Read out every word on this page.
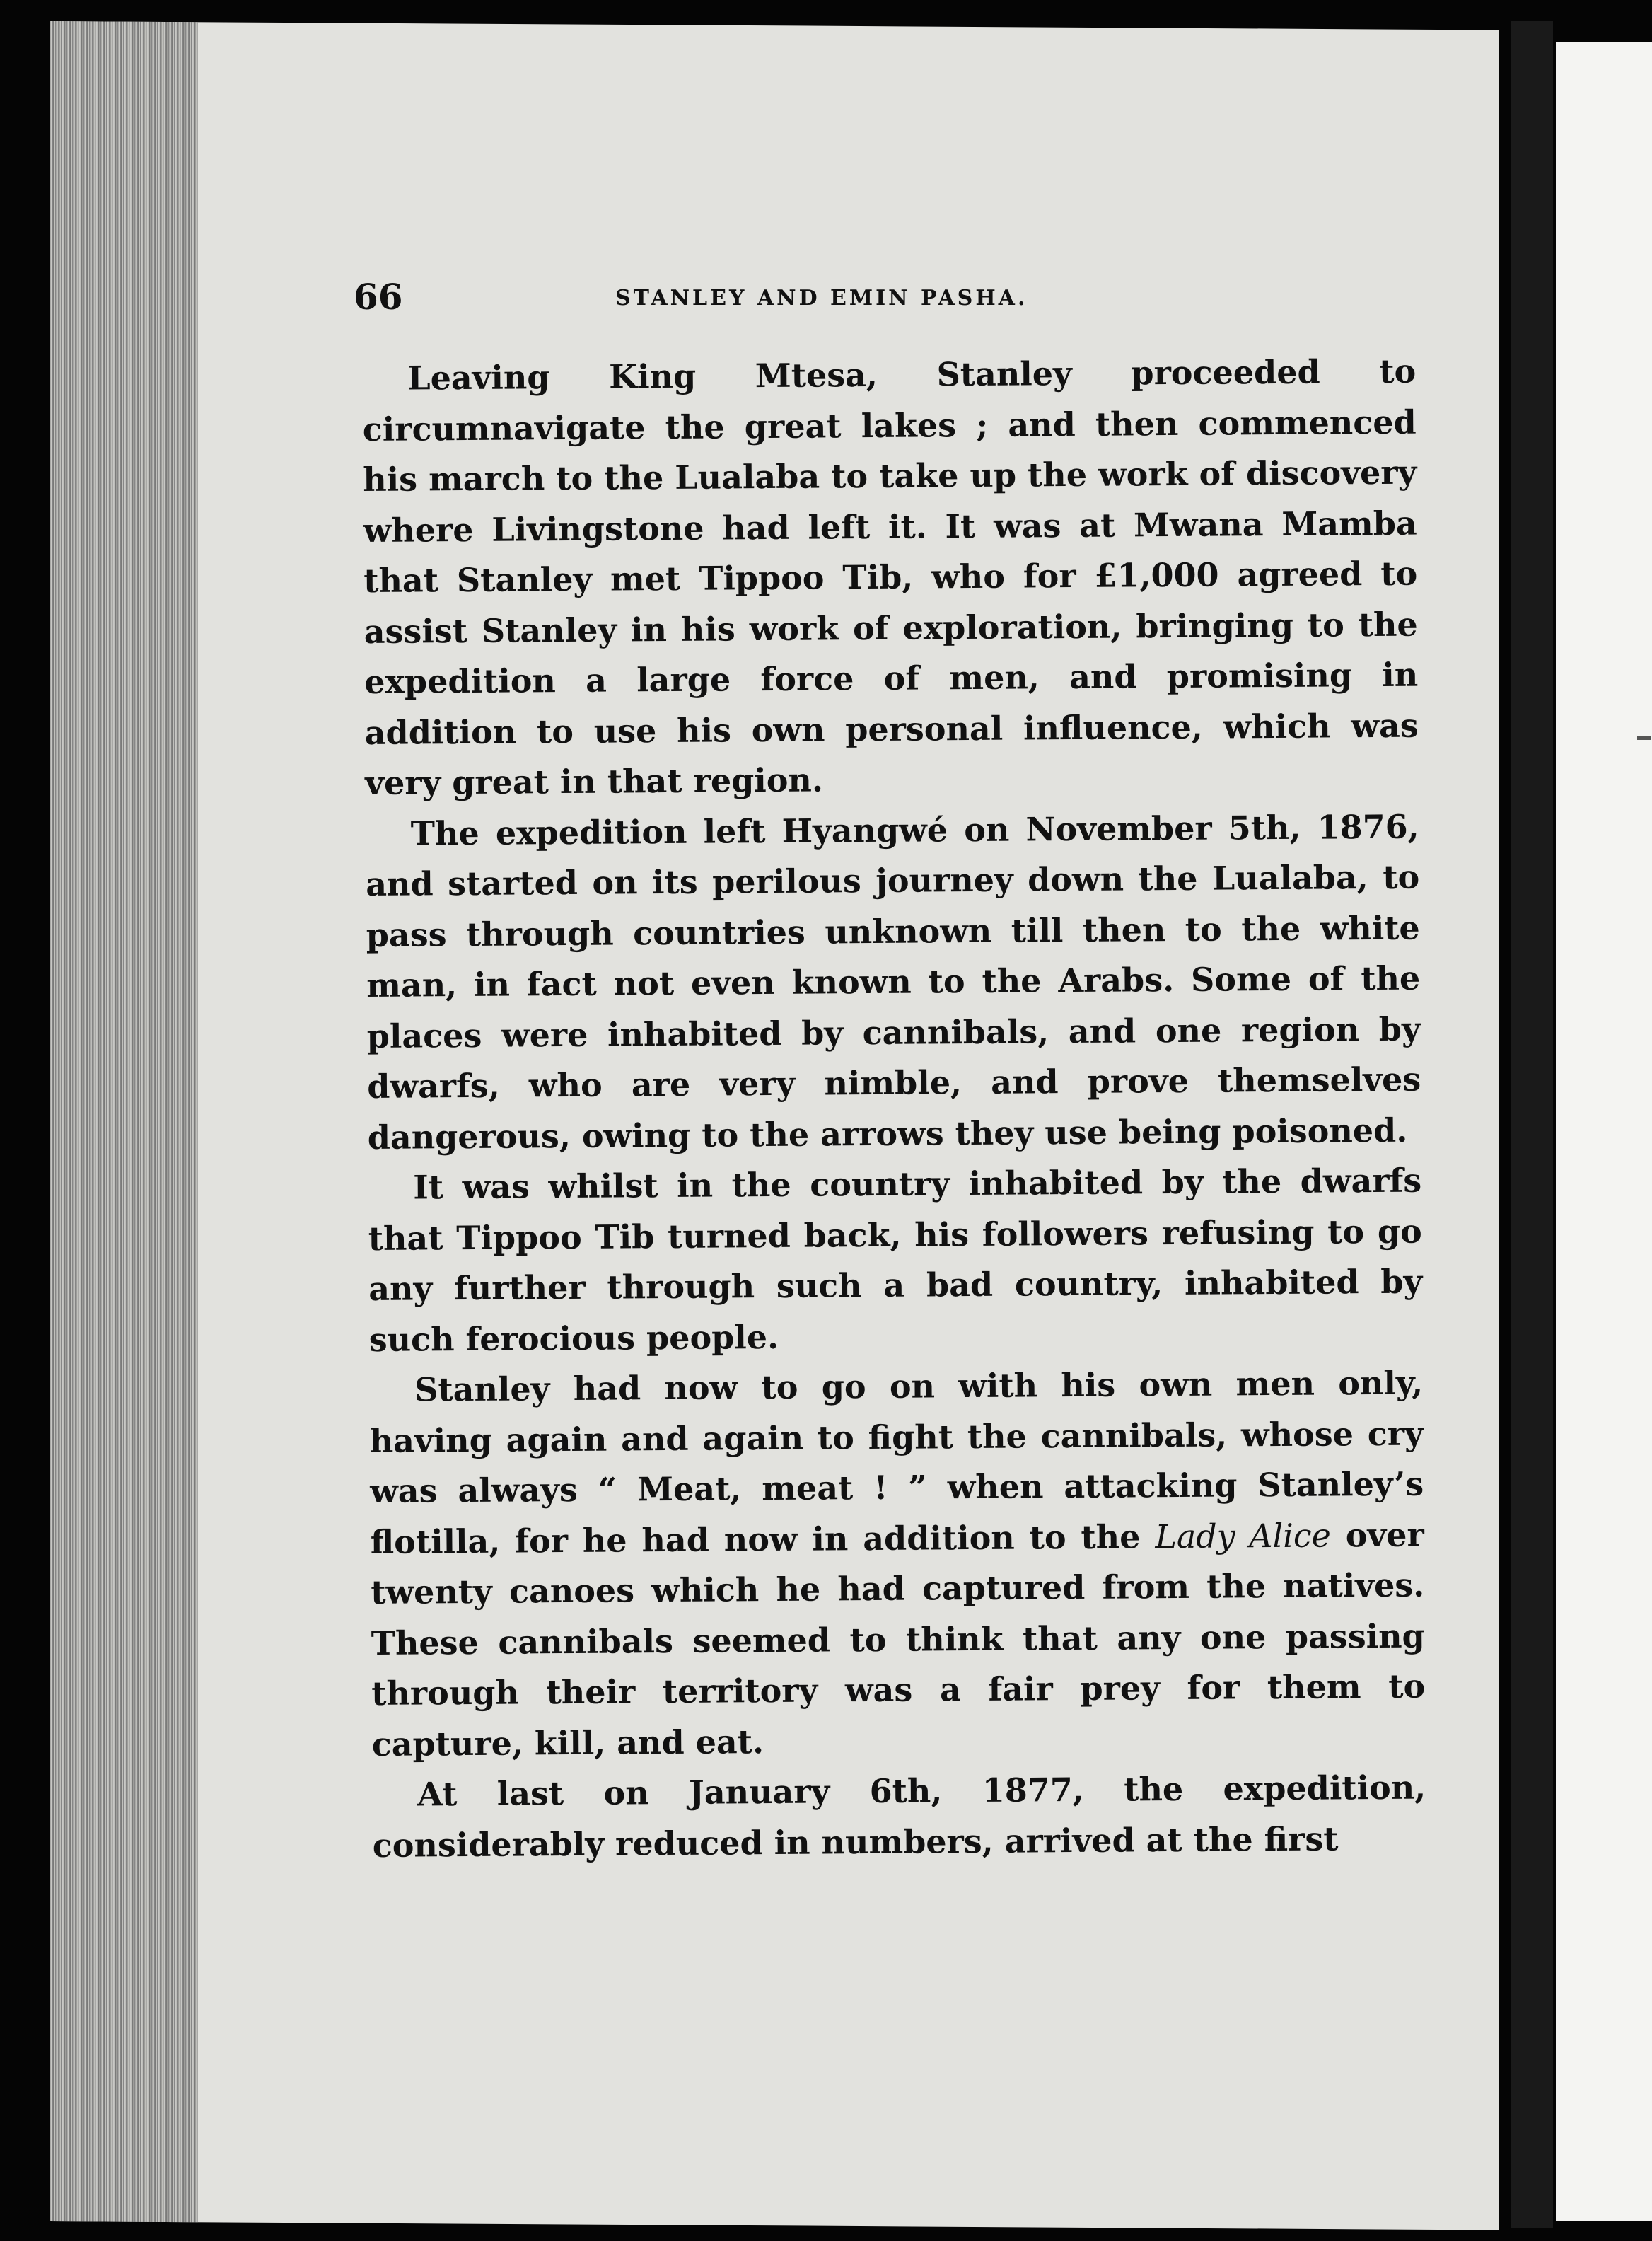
66	STANLEY AND EMIN PASHA.

Leaving King Mtesa, Stanley proceeded to circumnavigate the great lakes ; and then commenced his march to the Lualaba to take up the work of discovery where Livingstone had left it. It was at Mwana Mamba that Stanley met Tippoo Tib, who for £1,000 agreed to assist Stanley in his work of exploration, bringing to the expedition a large force of men, and promising in addition to use his own personal influence, which was very great in that region.

The expedition left Hyangwé on November 5th, 1876, and started on its perilous journey down the Lualaba, to pass through countries unknown till then to the white man, in fact not even known to the Arabs. Some of the places were inhabited by cannibals, and one region by dwarfs, who are very nimble, and prove themselves dangerous, owing to the arrows they use being poisoned.

It was whilst in the country inhabited by the dwarfs that Tippoo Tib turned back, his followers refusing to go any further through such a bad country, inhabited by such ferocious people.

Stanley had now to go on with his own men only, having again and again to fight the cannibals, whose cry was always “ Meat, meat ! ” when attacking Stanley’s flotilla, for he had now in addition to the Lady Alice over twenty canoes which he had captured from the natives. These cannibals seemed to think that any one passing through their territory was a fair prey for them to capture, kill, and eat.

At last on January 6th, 1877, the expedition, considerably reduced in numbers, arrived at the first
